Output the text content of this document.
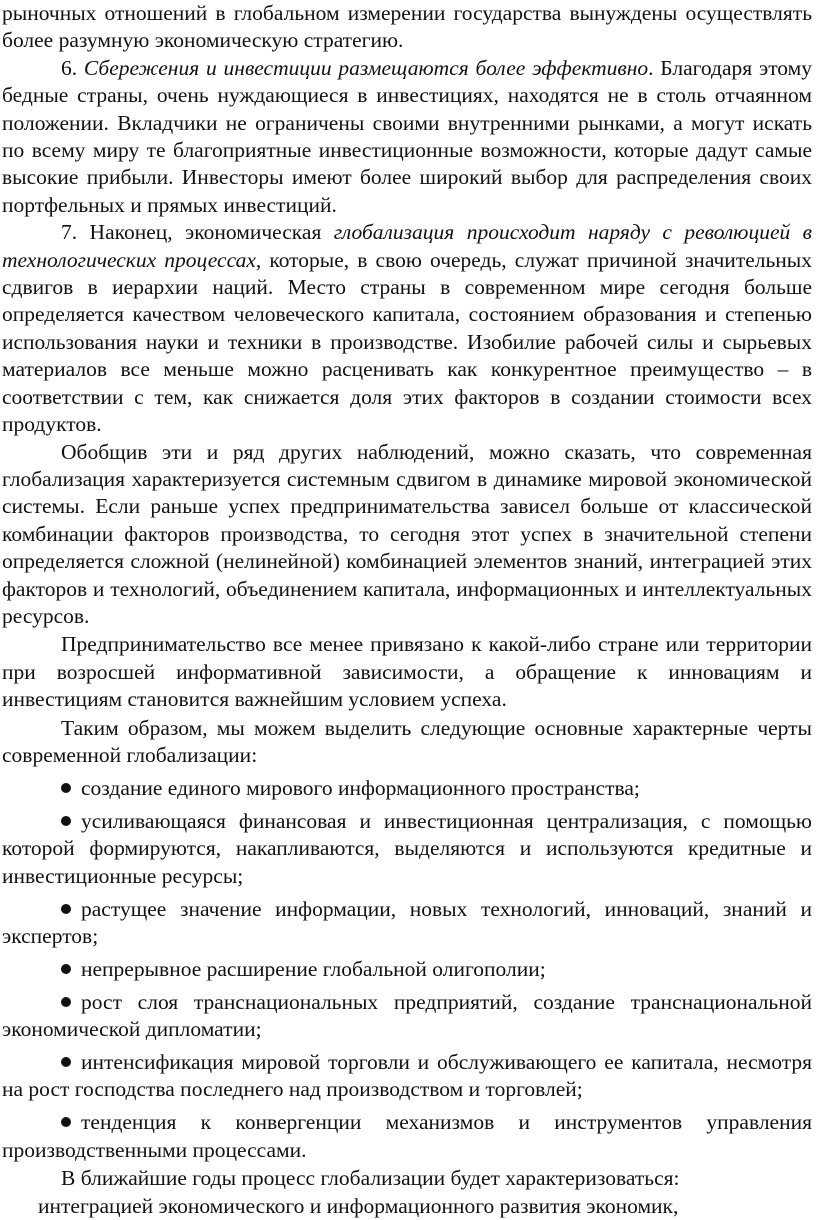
рыночных отношений в глобальном измерении государства вынуждены осуществлять более разумную экономическую стратегию.

6. Сбережения и инвестиции размещаются более эффективно. Благодаря этому бедные страны, очень нуждающиеся в инвестициях, находятся не в столь отчаянном положении. Вкладчики не ограничены своими внутренними рынками, а могут искать по всему миру те благоприятные инвестиционные возможности, которые дадут самые высокие прибыли. Инвесторы имеют более широкий выбор для распределения своих портфельных и прямых инвестиций.

7. Наконец, экономическая глобализация происходит наряду с революцией в технологических процессах, которые, в свою очередь, служат причиной значительных сдвигов в иерархии наций. Место страны в современном мире сегодня больше определяется качеством человеческого капитала, состоянием образования и степенью использования науки и техники в производстве. Изобилие рабочей силы и сырьевых материалов все меньше можно расценивать как конкурентное преимущество – в соответствии с тем, как снижается доля этих факторов в создании стоимости всех продуктов.

Обобщив эти и ряд других наблюдений, можно сказать, что современная глобализация характеризуется системным сдвигом в динамике мировой экономической системы. Если раньше успех предпринимательства зависел больше от классической комбинации факторов производства, то сегодня этот успех в значительной степени определяется сложной (нелинейной) комбинацией элементов знаний, интеграцией этих факторов и технологий, объединением капитала, информационных и интеллектуальных ресурсов.

Предпринимательство все менее привязано к какой-либо стране или территории при возросшей информативной зависимости, а обращение к инновациям и инвестициям становится важнейшим условием успеха.

Таким образом, мы можем выделить следующие основные характерные черты современной глобализации:

создание единого мирового информационного пространства;
усиливающаяся финансовая и инвестиционная централизация, с помощью которой формируются, накапливаются, выделяются и используются кредитные и инвестиционные ресурсы;
растущее значение информации, новых технологий, инноваций, знаний и экспертов;
непрерывное расширение глобальной олигополии;
рост слоя транснациональных предприятий, создание транснациональной экономической дипломатии;
интенсификация мировой торговли и обслуживающего ее капитала, несмотря на рост господства последнего над производством и торговлей;
тенденция к конвергенции механизмов и инструментов управления производственными процессами.

В ближайшие годы процесс глобализации будет характеризоваться:

интеграцией экономического и информационного развития экономик,
